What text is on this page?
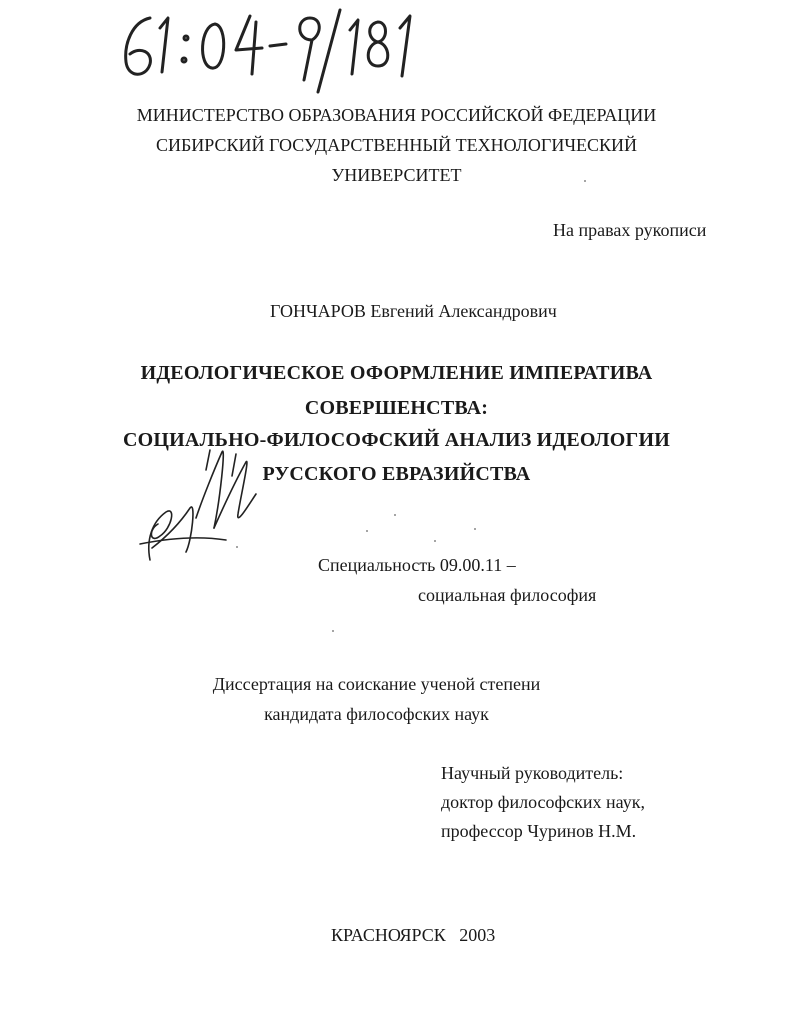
МИНИСТЕРСТВО ОБРАЗОВАНИЯ РОССИЙСКОЙ ФЕДЕРАЦИИ
СИБИРСКИЙ ГОСУДАРСТВЕННЫЙ ТЕХНОЛОГИЧЕСКИЙ
УНИВЕРСИТЕТ
На правах рукописи
ГОНЧАРОВ Евгений Александрович
ИДЕОЛОГИЧЕСКОЕ ОФОРМЛЕНИЕ ИМПЕРАТИВА
СОВЕРШЕНСТВА:
СОЦИАЛЬНО-ФИЛОСОФСКИЙ АНАЛИЗ ИДЕОЛОГИИ
РУССКОГО ЕВРАЗИЙСТВА
Специальность 09.00.11 –
социальная философия
Диссертация на соискание ученой степени
кандидата философских наук
Научный руководитель:
доктор философских наук,
профессор Чуринов Н.М.
КРАСНОЯРСК   2003
